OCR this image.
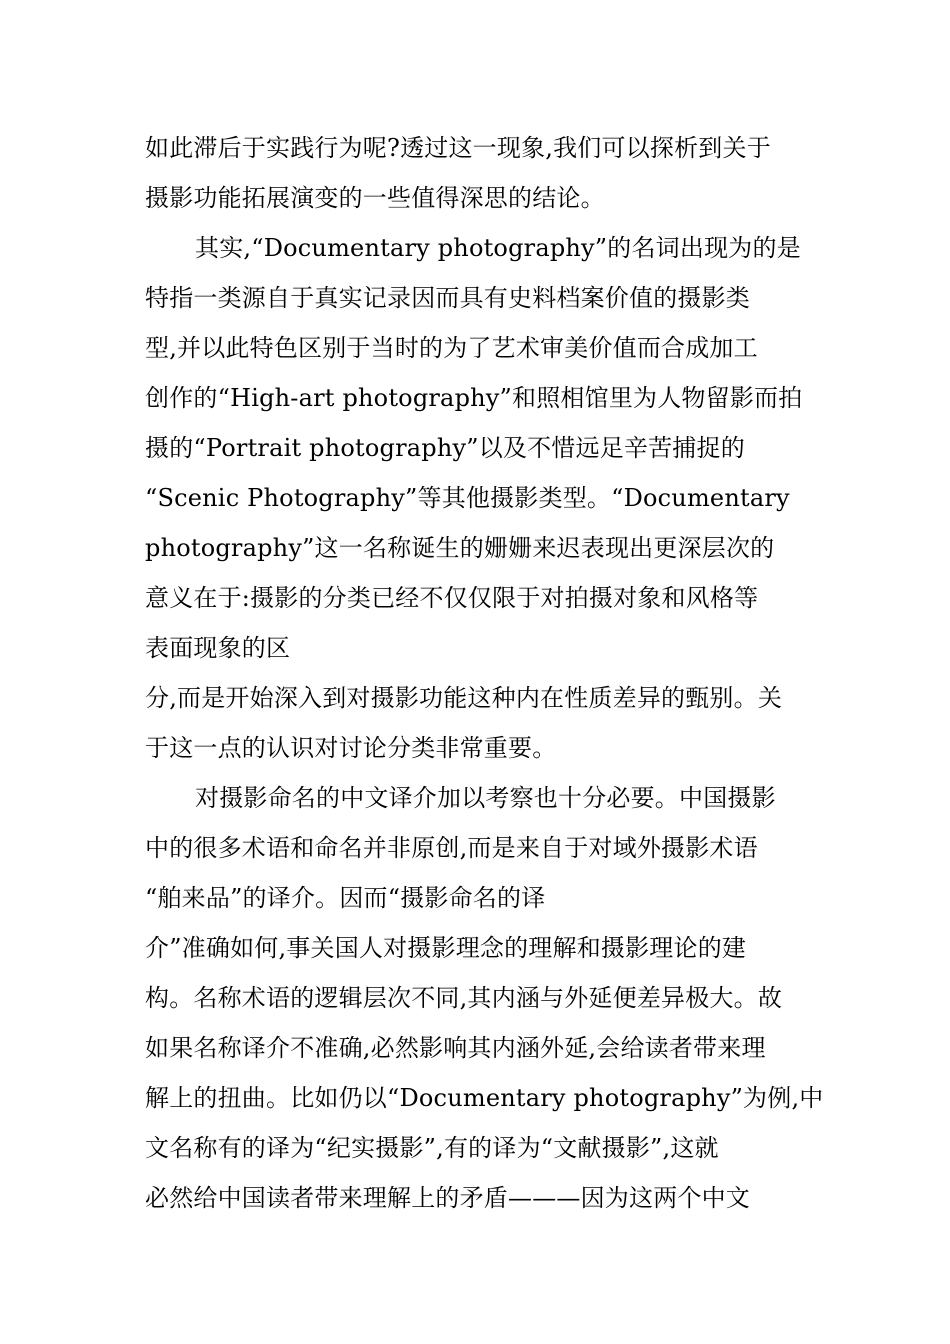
如此滞后于实践行为呢?透过这一现象,我们可以探析到关于
摄影功能拓展演变的一些值得深思的结论。
其实,“Documentary photography”的名词出现为的是
特指一类源自于真实记录因而具有史料档案价值的摄影类
型,并以此特色区别于当时的为了艺术审美价值而合成加工
创作的“High-art photography”和照相馆里为人物留影而拍
摄的“Portrait photography”以及不惜远足辛苦捕捉的
“Scenic Photography”等其他摄影类型。“Documentary
photography”这一名称诞生的姗姗来迟表现出更深层次的
意义在于:摄影的分类已经不仅仅限于对拍摄对象和风格等
表面现象的区
分,而是开始深入到对摄影功能这种内在性质差异的甄别。关
于这一点的认识对讨论分类非常重要。
对摄影命名的中文译介加以考察也十分必要。中国摄影
中的很多术语和命名并非原创,而是来自于对域外摄影术语
“舶来品”的译介。因而“摄影命名的译
介”准确如何,事关国人对摄影理念的理解和摄影理论的建
构。名称术语的逻辑层次不同,其内涵与外延便差异极大。故
如果名称译介不准确,必然影响其内涵外延,会给读者带来理
解上的扭曲。比如仍以“Documentary photography”为例,中
文名称有的译为“纪实摄影”,有的译为“文献摄影”,这就
必然给中国读者带来理解上的矛盾———因为这两个中文
